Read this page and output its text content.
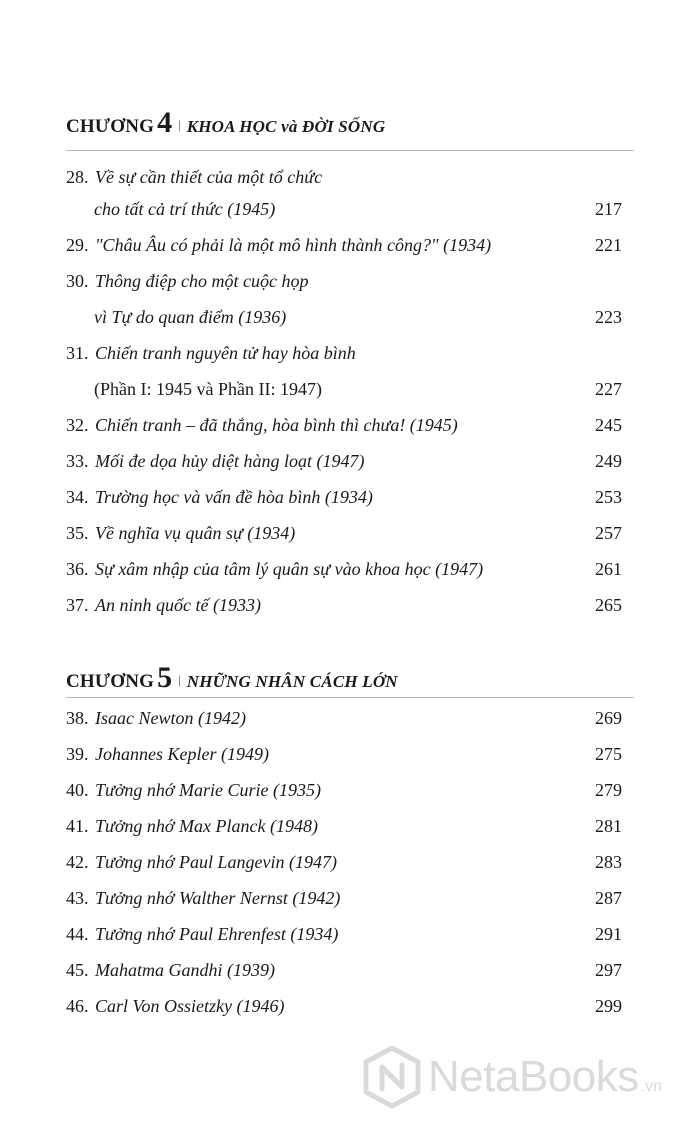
CHƯƠNG 4 | KHOA HỌC và ĐỜI SỐNG
28. Về sự cần thiết của một tổ chức
cho tất cả trí thức (1945)	217
29. "Châu Âu có phải là một mô hình thành công?" (1934)	221
30. Thông điệp cho một cuộc họp
vì Tự do quan điểm (1936)	223
31. Chiến tranh nguyên tử hay hòa bình
(Phần I: 1945 và Phần II: 1947)	227
32. Chiến tranh – đã thắng, hòa bình thì chưa! (1945)	245
33. Mối đe dọa hủy diệt hàng loạt (1947)	249
34. Trường học và vấn đề hòa bình (1934)	253
35. Về nghĩa vụ quân sự (1934)	257
36. Sự xâm nhập của tâm lý quân sự vào khoa học (1947)	261
37. An ninh quốc tế (1933)	265
CHƯƠNG 5 | NHỮNG NHÂN CÁCH LỚN
38. Isaac Newton (1942)	269
39. Johannes Kepler (1949)	275
40. Tưởng nhớ Marie Curie (1935)	279
41. Tưởng nhớ Max Planck (1948)	281
42. Tưởng nhớ Paul Langevin (1947)	283
43. Tưởng nhớ Walther Nernst (1942)	287
44. Tưởng nhớ Paul Ehrenfest (1934)	291
45. Mahatma Gandhi (1939)	297
46. Carl Von Ossietzky (1946)	299
NetaBooks .vn
